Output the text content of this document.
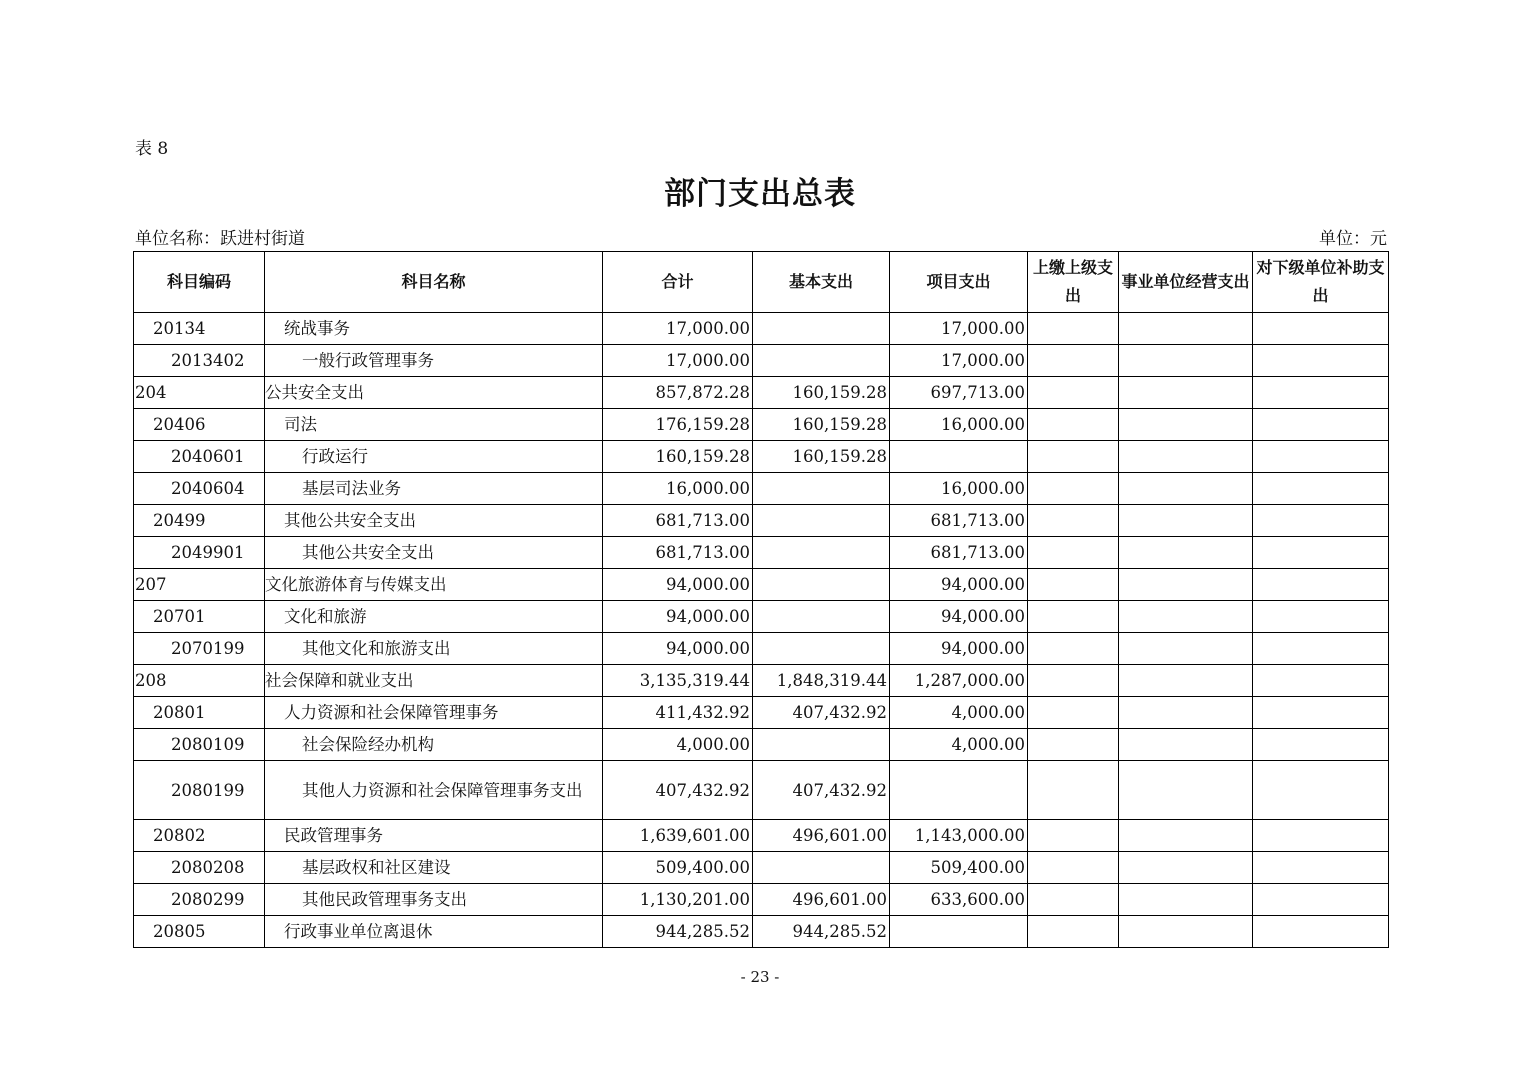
表 8
部门支出总表
单位名称：跃进村街道	单位：元
科目编码	科目名称	合计	基本支出	项目支出	上缴上级支出	事业单位经营支出	对下级单位补助支出
20134	统战事务	17,000.00		17,000.00			
2013402	一般行政管理事务	17,000.00		17,000.00			
204	公共安全支出	857,872.28	160,159.28	697,713.00			
20406	司法	176,159.28	160,159.28	16,000.00			
2040601	行政运行	160,159.28	160,159.28				
2040604	基层司法业务	16,000.00		16,000.00			
20499	其他公共安全支出	681,713.00		681,713.00			
2049901	其他公共安全支出	681,713.00		681,713.00			
207	文化旅游体育与传媒支出	94,000.00		94,000.00			
20701	文化和旅游	94,000.00		94,000.00			
2070199	其他文化和旅游支出	94,000.00		94,000.00			
208	社会保障和就业支出	3,135,319.44	1,848,319.44	1,287,000.00			
20801	人力资源和社会保障管理事务	411,432.92	407,432.92	4,000.00			
2080109	社会保险经办机构	4,000.00		4,000.00			
2080199	其他人力资源和社会保障管理事务支出	407,432.92	407,432.92				
20802	民政管理事务	1,639,601.00	496,601.00	1,143,000.00			
2080208	基层政权和社区建设	509,400.00		509,400.00			
2080299	其他民政管理事务支出	1,130,201.00	496,601.00	633,600.00			
20805	行政事业单位离退休	944,285.52	944,285.52				
- 23 -
